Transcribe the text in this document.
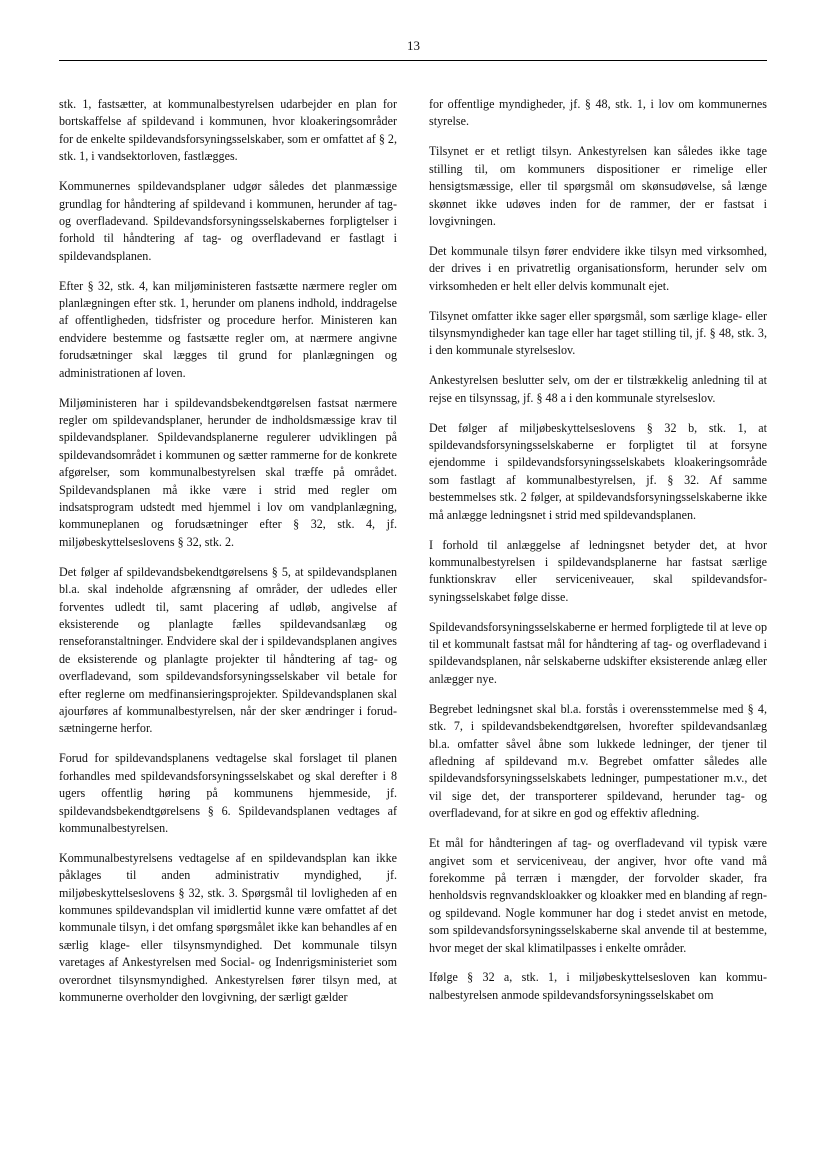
13

stk. 1, fastsætter, at kommunalbestyrelsen udarbejder en plan for bortskaffelse af spildevand i kommunen, hvor kloakeringsområder for de enkelte spildevandsforsyningsselskaber, som er omfattet af § 2, stk. 1, i vandsektorloven, fastlægges.

Kommunernes spildevandsplaner udgør således det planmæssige grundlag for håndtering af spildevand i kommunen, herunder af tag- og overfladevand. Spildevandsforsyningsselskabernes forpligtelser i forhold til håndtering af tag- og overfladevand er fastlagt i spildevandsplanen.

Efter § 32, stk. 4, kan miljøministeren fastsætte nærmere regler om planlægningen efter stk. 1, herunder om planens indhold, inddragelse af offentligheden, tidsfrister og procedure herfor. Ministeren kan endvidere bestemme og fastsætte regler om, at nærmere angivne forudsætninger skal lægges til grund for planlægningen og administrationen af loven.

Miljøministeren har i spildevandsbekendtgørelsen fastsat nærmere regler om spildevandsplaner, herunder de indholdsmæssige krav til spildevandsplaner. Spildevandsplanerne regulerer udviklingen på spildevandsområdet i kommunen og sætter rammerne for de konkrete afgørelser, som kommunalbestyrelsen skal træffe på området. Spildevandsplanen må ikke være i strid med regler om indsatsprogram udstedt med hjemmel i lov om vandplanlægning, kommuneplanen og forudsætninger efter § 32, stk. 4, jf. miljøbeskyttelseslovens § 32, stk. 2.

Det følger af spildevandsbekendtgørelsens § 5, at spildevandsplanen bl.a. skal indeholde afgrænsning af områder, der udledes eller forventes udledt til, samt placering af udløb, angivelse af eksisterende og planlagte fælles spildevandsanlæg og renseforanstaltninger. Endvidere skal der i spildevandsplanen angives de eksisterende og planlagte projekter til håndtering af tag- og overfladevand, som spildevandsforsyningsselskaber vil betale for efter reglerne om medfinansieringsprojekter. Spildevandsplanen skal ajourføres af kommunalbestyrelsen, når der sker ændringer i forudsætningerne herfor.

Forud for spildevandsplanens vedtagelse skal forslaget til planen forhandles med spildevandsforsyningsselskabet og skal derefter i 8 ugers offentlig høring på kommunens hjemmeside, jf. spildevandsbekendtgørelsens § 6. Spildevandsplanen vedtages af kommunalbestyrelsen.

Kommunalbestyrelsens vedtagelse af en spildevandsplan kan ikke påklages til anden administrativ myndighed, jf. miljøbeskyttelseslovens § 32, stk. 3. Spørgsmål til lovligheden af en kommunes spildevandsplan vil imidlertid kunne være omfattet af det kommunale tilsyn, i det omfang spørgsmålet ikke kan behandles af en særlig klage- eller tilsynsmyndighed. Det kommunale tilsyn varetages af Ankestyrelsen med Social- og Indenrigsministeriet som overordnet tilsynsmyndighed. Ankestyrelsen fører tilsyn med, at kommunerne overholder den lovgivning, der særligt gælder

for offentlige myndigheder, jf. § 48, stk. 1, i lov om kommunernes styrelse.

Tilsynet er et retligt tilsyn. Ankestyrelsen kan således ikke tage stilling til, om kommuners dispositioner er rimelige eller hensigtsmæssige, eller til spørgsmål om skønsudøvelse, så længe skønnet ikke udøves inden for de rammer, der er fastsat i lovgivningen.

Det kommunale tilsyn fører endvidere ikke tilsyn med virksomhed, der drives i en privatretlig organisationsform, herunder selv om virksomheden er helt eller delvis kommunalt ejet.

Tilsynet omfatter ikke sager eller spørgsmål, som særlige klage- eller tilsynsmyndigheder kan tage eller har taget stilling til, jf. § 48, stk. 3, i den kommunale styrelseslov.

Ankestyrelsen beslutter selv, om der er tilstrækkelig anledning til at rejse en tilsynssag, jf. § 48 a i den kommunale styrelseslov.

Det følger af miljøbeskyttelseslovens § 32 b, stk. 1, at spildevandsforsyningsselskaberne er forpligtet til at forsyne ejendomme i spildevandsforsyningsselskabets kloakeringsområde som fastlagt af kommunalbestyrelsen, jf. § 32. Af samme bestemmelses stk. 2 følger, at spildevandsforsyningsselskaberne ikke må anlægge ledningsnet i strid med spildevandsplanen.

I forhold til anlæggelse af ledningsnet betyder det, at hvor kommunalbestyrelsen i spildevandsplanerne har fastsat særlige funktionskrav eller serviceniveauer, skal spildevandsforsyningsselskabet følge disse.

Spildevandsforsyningsselskaberne er hermed forpligtede til at leve op til et kommunalt fastsat mål for håndtering af tag- og overfladevand i spildevandsplanen, når selskaberne udskifter eksisterende anlæg eller anlægger nye.

Begrebet ledningsnet skal bl.a. forstås i overensstemmelse med § 4, stk. 7, i spildevandsbekendtgørelsen, hvorefter spildevandsanlæg bl.a. omfatter såvel åbne som lukkede ledninger, der tjener til afledning af spildevand m.v. Begrebet omfatter således alle spildevandsforsyningsselskabets ledninger, pumpestationer m.v., det vil sige det, der transporterer spildevand, herunder tag- og overfladevand, for at sikre en god og effektiv afledning.

Et mål for håndteringen af tag- og overfladevand vil typisk være angivet som et serviceniveau, der angiver, hvor ofte vand må forekomme på terræn i mængder, der forvolder skader, fra henholdsvis regnvandskloakker og kloakker med en blanding af regn- og spildevand. Nogle kommuner har dog i stedet anvist en metode, som spildevandsforsyningsselskaberne skal anvende til at bestemme, hvor meget der skal klimatilpasses i enkelte områder.

Ifølge § 32 a, stk. 1, i miljøbeskyttelsesloven kan kommunalbestyrelsen anmode spildevandsforsyningsselskabet om
